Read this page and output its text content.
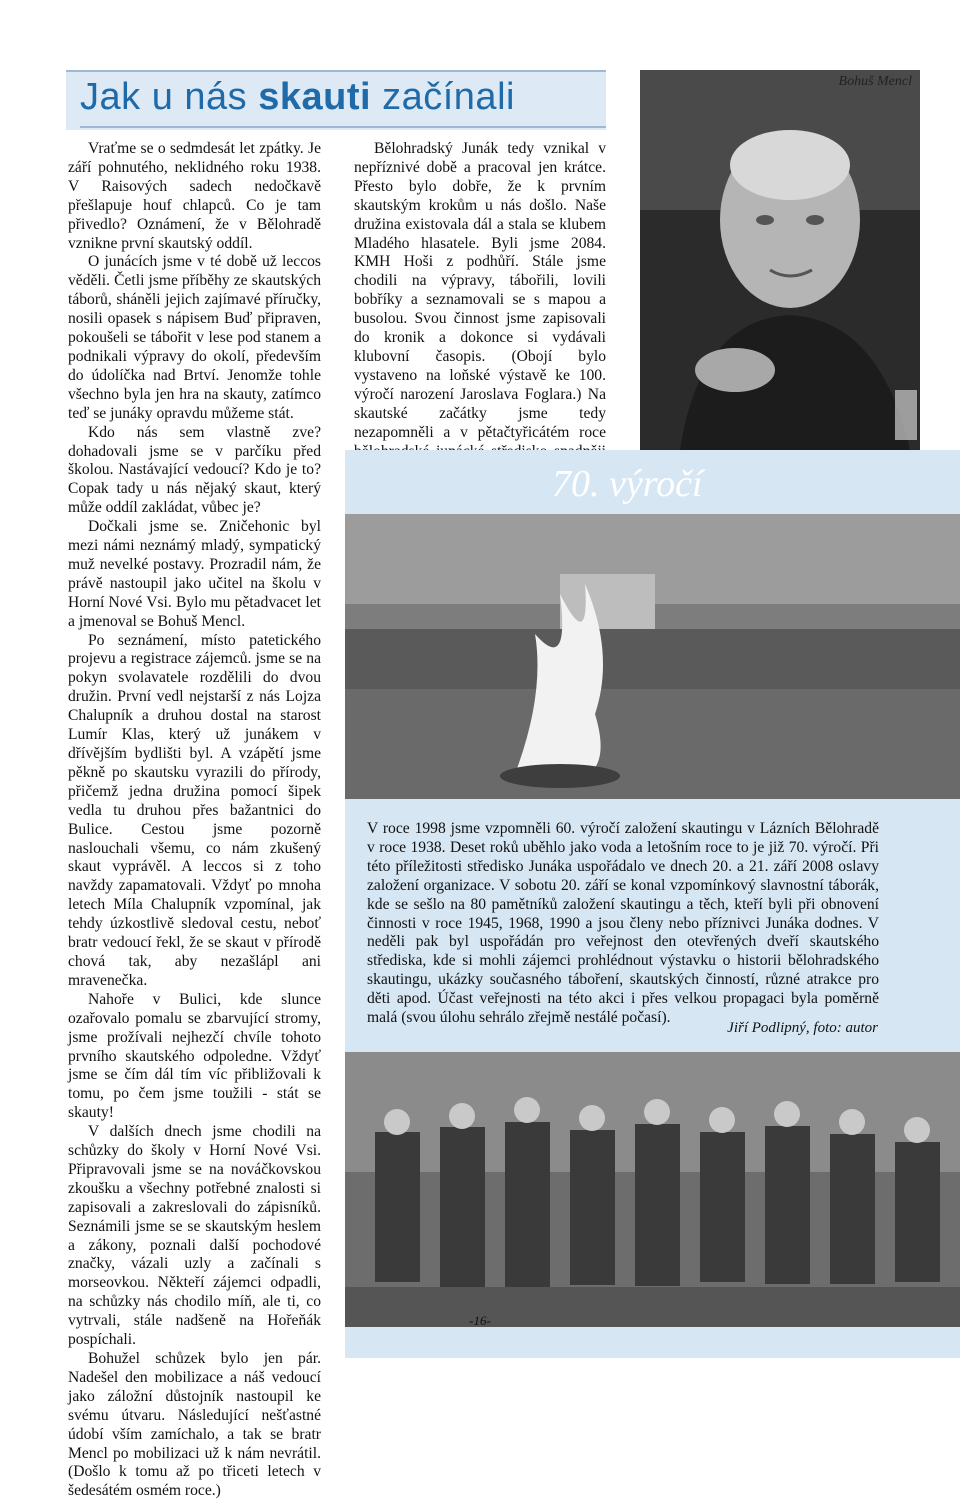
Jak u nás skauti začínali

Vraťme se o sedmdesát let zpátky. Je září pohnutého, neklidného roku 1938. V Raisových sadech nedočkavě přešlapuje houf chlapců. Co je tam přivedlo? Oznámení, že v Bělohradě vznikne první skautský oddíl.

O junácích jsme v té době už leccos věděli. Četli jsme příběhy ze skautských táborů, sháněli jejich zajímavé příručky, nosili opasek s nápisem Buď připraven, pokoušeli se tábořit v lese pod stanem a podnikali výpravy do okolí, především do údolíčka nad Brtví. Jenomže tohle všechno byla jen hra na skauty, zatímco teď se junáky opravdu můžeme stát.

Kdo nás sem vlastně zve? dohadovali jsme se v parčíku před školou. Nastávající vedoucí? Kdo je to? Copak tady u nás nějaký skaut, který může oddíl zakládat, vůbec je?

Dočkali jsme se. Zničehonic byl mezi námi neznámý mladý, sympatický muž nevelké postavy. Prozradil nám, že právě nastoupil jako učitel na školu v Horní Nové Vsi. Bylo mu pětadvacet let a jmenoval se Bohuš Mencl.

Po seznámení, místo patetického projevu a registrace zájemců. jsme se na pokyn svolavatele rozdělili do dvou družin. První vedl nejstarší z nás Lojza Chalupník a druhou dostal na starost Lumír Klas, který už junákem v dřívějším bydlišti byl. A vzápětí jsme pěkně po skautsku vyrazili do přírody, přičemž jedna družina pomocí šipek vedla tu druhou přes bažantnici do Bulice. Cestou jsme pozorně naslouchali všemu, co nám zkušený skaut vyprávěl. A leccos si z toho navždy zapamatovali. Vždyť po mnoha letech Míla Chalupník vzpomínal, jak tehdy úzkostlivě sledoval cestu, neboť bratr vedoucí řekl, že se skaut v přírodě chová tak, aby nezašlápl ani mravenečka.

Nahoře v Bulici, kde slunce ozařovalo pomalu se zbarvující stromy, jsme prožívali nejhezčí chvíle tohoto prvního skautského odpoledne. Vždyť jsme se čím dál tím víc přibližovali k tomu, po čem jsme toužili - stát se skauty!

V dalších dnech jsme chodili na schůzky do školy v Horní Nové Vsi. Připravovali jsme se na nováčkovskou zkoušku a všechny potřebné znalosti si zapisovali a zakreslovali do zápisníků. Seznámili jsme se se skautským heslem a zákony, poznali další pochodové značky, vázali uzly a začínali s morseovkou. Někteří zájemci odpadli, na schůzky nás chodilo míň, ale ti, co vytrvali, stále nadšeně na Hořeňák pospíchali.

Bohužel schůzek bylo jen pár. Nadešel den mobilizace a náš vedoucí jako záložní důstojník nastoupil ke svému útvaru. Následující nešťastné údobí vším zamíchalo, a tak se bratr Mencl po mobilizaci už k nám nevrátil. (Došlo k tomu až po třiceti letech v šedesátém osmém roce.)

Bělohradský Junák tedy vznikal v nepříznivé době a pracoval jen krátce. Přesto bylo dobře, že k prvním skautským krokům u nás došlo. Naše družina existovala dál a stala se klubem Mladého hlasatele. Byli jsme 2084. KMH Hoši z podhůří. Stále jsme chodili na výpravy, tábořili, lovili bobříky a seznamovali se s mapou a busolou. Svou činnost jsme zapisovali do kronik a dokonce si vydávali klubovní časopis. (Obojí bylo vystaveno na loňské výstavě ke 100. výročí narození Jaroslava Foglara.) Na skautské začátky jsme tedy nezapomněli a v pětačtyřicátém roce

Bohuš Mencl
70. výročí

V roce 1998 jsme vzpomněli 60. výročí založení skautingu v Lázních Bělohradě v roce 1938. Deset roků uběhlo jako voda a letošním roce to je již 70. výročí. Při této příležitosti středisko Junáka uspořádalo ve dnech 20. a 21. září 2008 oslavy založení organizace. V sobotu 20. září se konal vzpomínkový slavnostní táborák, kde se sešlo na 80 pamětníků založení skautingu a těch, kteří byli při obnovení činnosti v roce 1945, 1968, 1990 a jsou členy nebo příznivci Junáka dodnes. V neděli pak byl uspořádán pro veřejnost den otevřených dveří skautského střediska, kde si mohli zájemci prohlédnout výstavku o historii bělohradského skautingu, ukázky současného táboření, skautských činností, různé atrakce pro děti apod. Účast veřejnosti na této akci i přes velkou propagaci byla poměrně malá (svou úlohu sehrálo zřejmě nestálé počasí).

Jiří Podlipný, foto: autor
-16-
